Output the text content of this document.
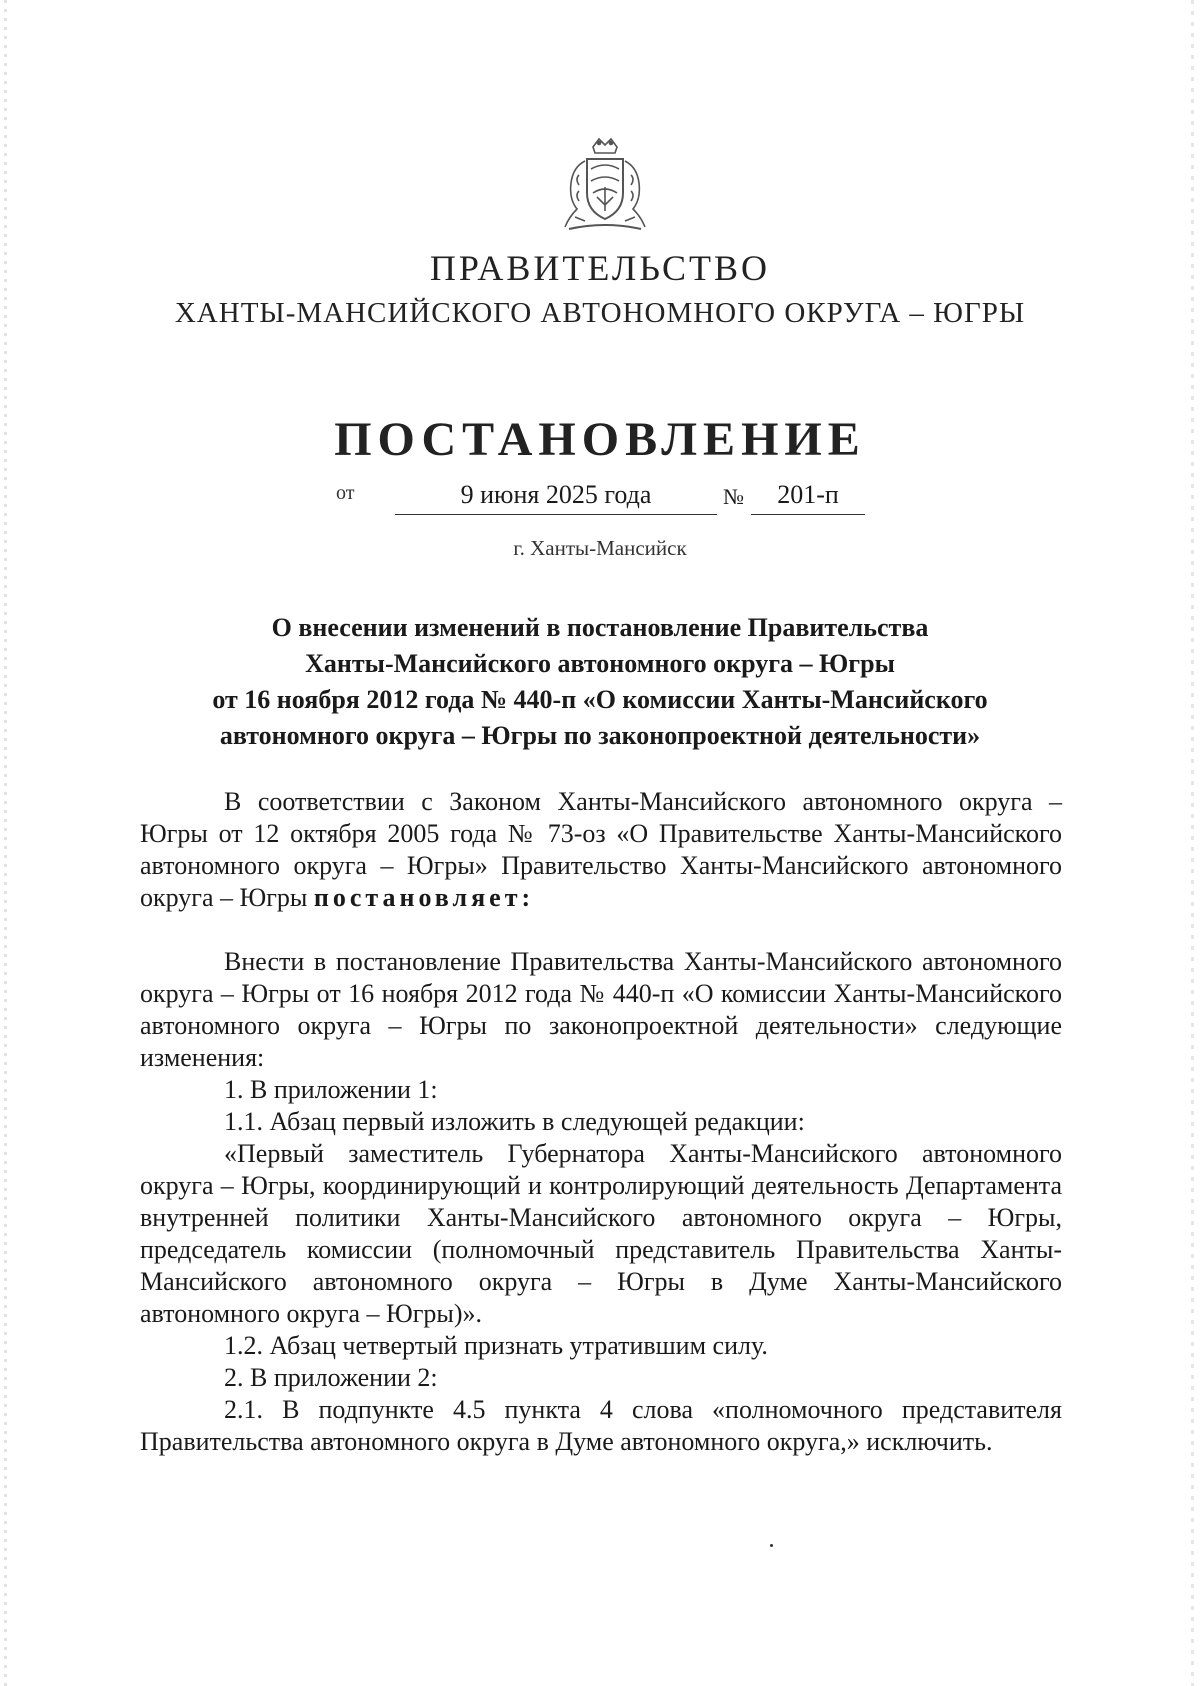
ПРАВИТЕЛЬСТВО
ХАНТЫ-МАНСИЙСКОГО АВТОНОМНОГО ОКРУГА – ЮГРЫ
ПОСТАНОВЛЕНИЕ
от	9 июня 2025 года	№	201-п
г. Ханты-Мансийск
О внесении изменений в постановление Правительства
Ханты-Мансийского автономного округа – Югры
от 16 ноября 2012 года № 440-п «О комиссии Ханты-Мансийского
автономного округа – Югры по законопроектной деятельности»

В соответствии с Законом Ханты-Мансийского автономного округа – Югры от 12 октября 2005 года № 73-оз «О Правительстве Ханты-Мансийского автономного округа – Югры» Правительство Ханты-Мансийского автономного округа – Югры постановляет:

Внести в постановление Правительства Ханты-Мансийского автономного округа – Югры от 16 ноября 2012 года № 440-п «О комиссии Ханты-Мансийского автономного округа – Югры по законопроектной деятельности» следующие изменения:

1. В приложении 1:

1.1. Абзац первый изложить в следующей редакции:

«Первый заместитель Губернатора Ханты-Мансийского автономного округа – Югры, координирующий и контролирующий деятельность Департамента внутренней политики Ханты-Мансийского автономного округа – Югры, председатель комиссии (полномочный представитель Правительства Ханты-Мансийского автономного округа – Югры в Думе Ханты-Мансийского автономного округа – Югры)».

1.2. Абзац четвертый признать утратившим силу.

2. В приложении 2:

2.1. В подпункте 4.5 пункта 4 слова «полномочного представителя Правительства автономного округа в Думе автономного округа,» исключить.
